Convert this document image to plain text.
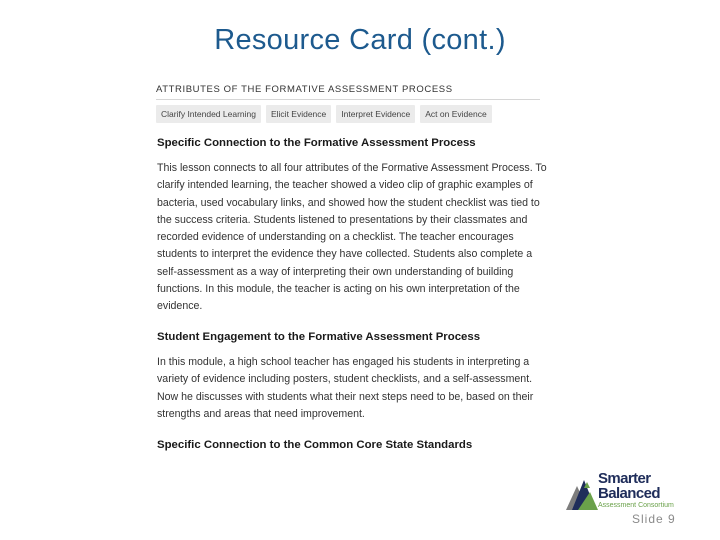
Resource Card (cont.)
ATTRIBUTES OF THE FORMATIVE ASSESSMENT PROCESS
Clarify Intended Learning	Elicit Evidence	Interpret Evidence	Act on Evidence
Specific Connection to the Formative Assessment Process
This lesson connects to all four attributes of the Formative Assessment Process. To clarify intended learning, the teacher showed a video clip of graphic examples of bacteria, used vocabulary links, and showed how the student checklist was tied to the success criteria. Students listened to presentations by their classmates and recorded evidence of understanding on a checklist. The teacher encourages students to interpret the evidence they have collected. Students also complete a self-assessment as a way of interpreting their own understanding of building functions. In this module, the teacher is acting on his own interpretation of the evidence.
Student Engagement to the Formative Assessment Process
In this module, a high school teacher has engaged his students in interpreting a variety of evidence including posters, student checklists, and a self-assessment. Now he discusses with students what their next steps need to be, based on their strengths and areas that need improvement.
Specific Connection to the Common Core State Standards
Smarter
Balanced
Assessment Consortium
Slide 9
